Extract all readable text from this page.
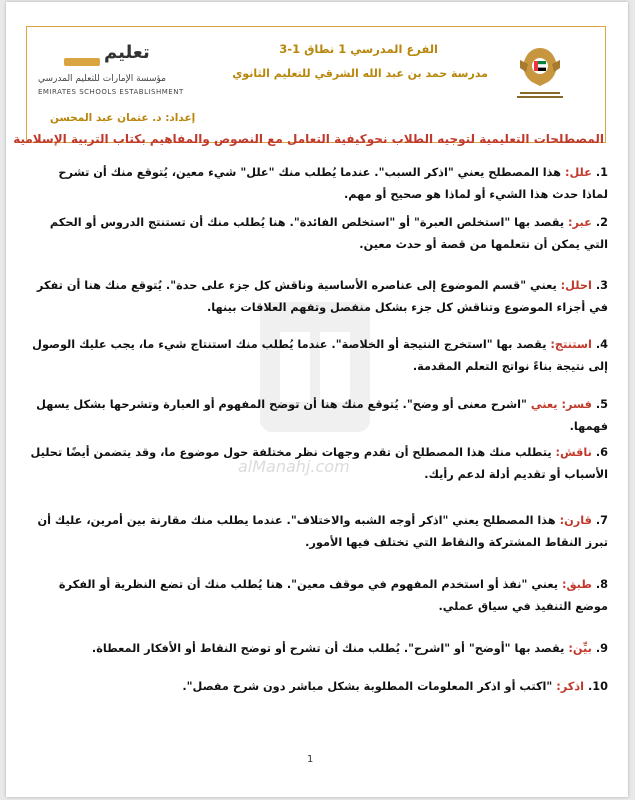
الفرع المدرسي 1 نطاق 1-3
مدرسة حمد بن عبد الله الشرقي للتعليم الثانوي
تعليم
مؤسسة الإمارات للتعليم المدرسي
EMIRATES SCHOOLS ESTABLISHMENT
إعداد: د. عثمان عبد المحسن
المصطلحات التعليمية لتوجيه الطلاب نحوكيفية التعامل مع النصوص والمفاهيم بكتاب التربية الإسلامية
alManahj.com
1. علل: هذا المصطلح يعني "اذكر السبب". عندما يُطلب منك "علل" شيء معين، يُتوقع منك أن تشرح لماذا حدث هذا الشيء أو لماذا هو صحيح أو مهم.
2. عبر: يقصد بها "استخلص العبرة" أو "استخلص الفائدة". هنا يُطلب منك أن تستنتج الدروس أو الحكم التي يمكن أن نتعلمها من قصة أو حدث معين.
3. احلل: يعني "قسم الموضوع إلى عناصره الأساسية وناقش كل جزء على حدة". يُتوقع منك هنا أن تفكر في أجزاء الموضوع وتناقش كل جزء بشكل منفصل وتفهم العلاقات بينها.
4. استنتج: يقصد بها "استخرج النتيجة أو الخلاصة". عندما يُطلب منك استنتاج شيء ما، يجب عليك الوصول إلى نتيجة بناءً نواتج التعلم المقدمة.
5. فسر: يعني "اشرح معنى أو وضح". يُتوقع منك هنا أن توضح المفهوم أو العبارة وتشرحها بشكل يسهل فهمها.
6. ناقش: يتطلب منك هذا المصطلح أن تقدم وجهات نظر مختلفة حول موضوع ما، وقد يتضمن أيضًا تحليل الأسباب أو تقديم أدلة لدعم رأيك.
7. قارن: هذا المصطلح يعني "اذكر أوجه الشبه والاختلاف". عندما يطلب منك مقارنة بين أمرين، عليك أن تبرز النقاط المشتركة والنقاط التي تختلف فيها الأمور.
8. طبق: يعني "نفذ أو استخدم المفهوم في موقف معين". هنا يُطلب منك أن تضع النظرية أو الفكرة موضع التنفيذ في سياق عملي.
9. بيِّن: يقصد بها "أوضح" أو "اشرح". يُطلب منك أن تشرح أو توضح النقاط أو الأفكار المعطاة.
10. اذكر: "اكتب أو اذكر المعلومات المطلوبة بشكل مباشر دون شرح مفصل".
1
